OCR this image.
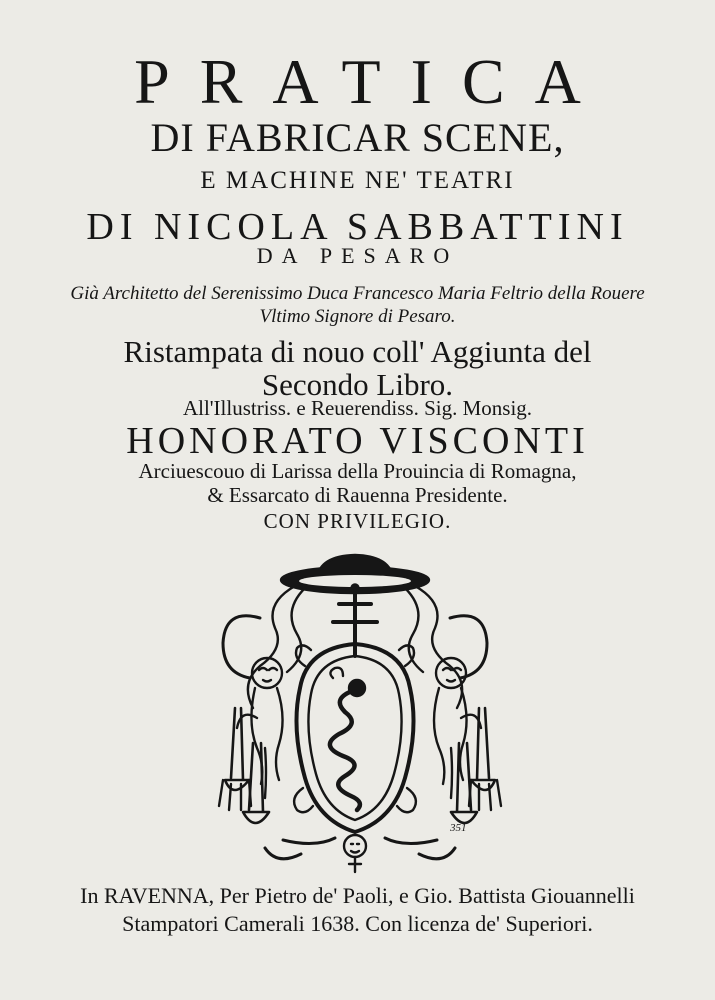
PRATICA
DI FABRICAR SCENE,
E MACHINE NE' TEATRI
DI NICOLA SABBATTINI
DA PESARO
Già Architetto del Serenissimo Duca Francesco Maria Feltrio della Rouere
Vltimo Signore di Pesaro.
Ristampata di nouo coll' Aggiunta del
Secondo Libro.
All'Illustriss. e Reuerendiss. Sig. Monsig.
HONORATO VISCONTI
Arciuescouo di Larissa della Prouincia di Romagna,
& Essarcato di Rauenna Presidente.
CON PRIVILEGIO.
351
In RAVENNA, Per Pietro de' Paoli, e Gio. Battista Giouannelli
Stampatori Camerali 1638. Con licenza de' Superiori.
